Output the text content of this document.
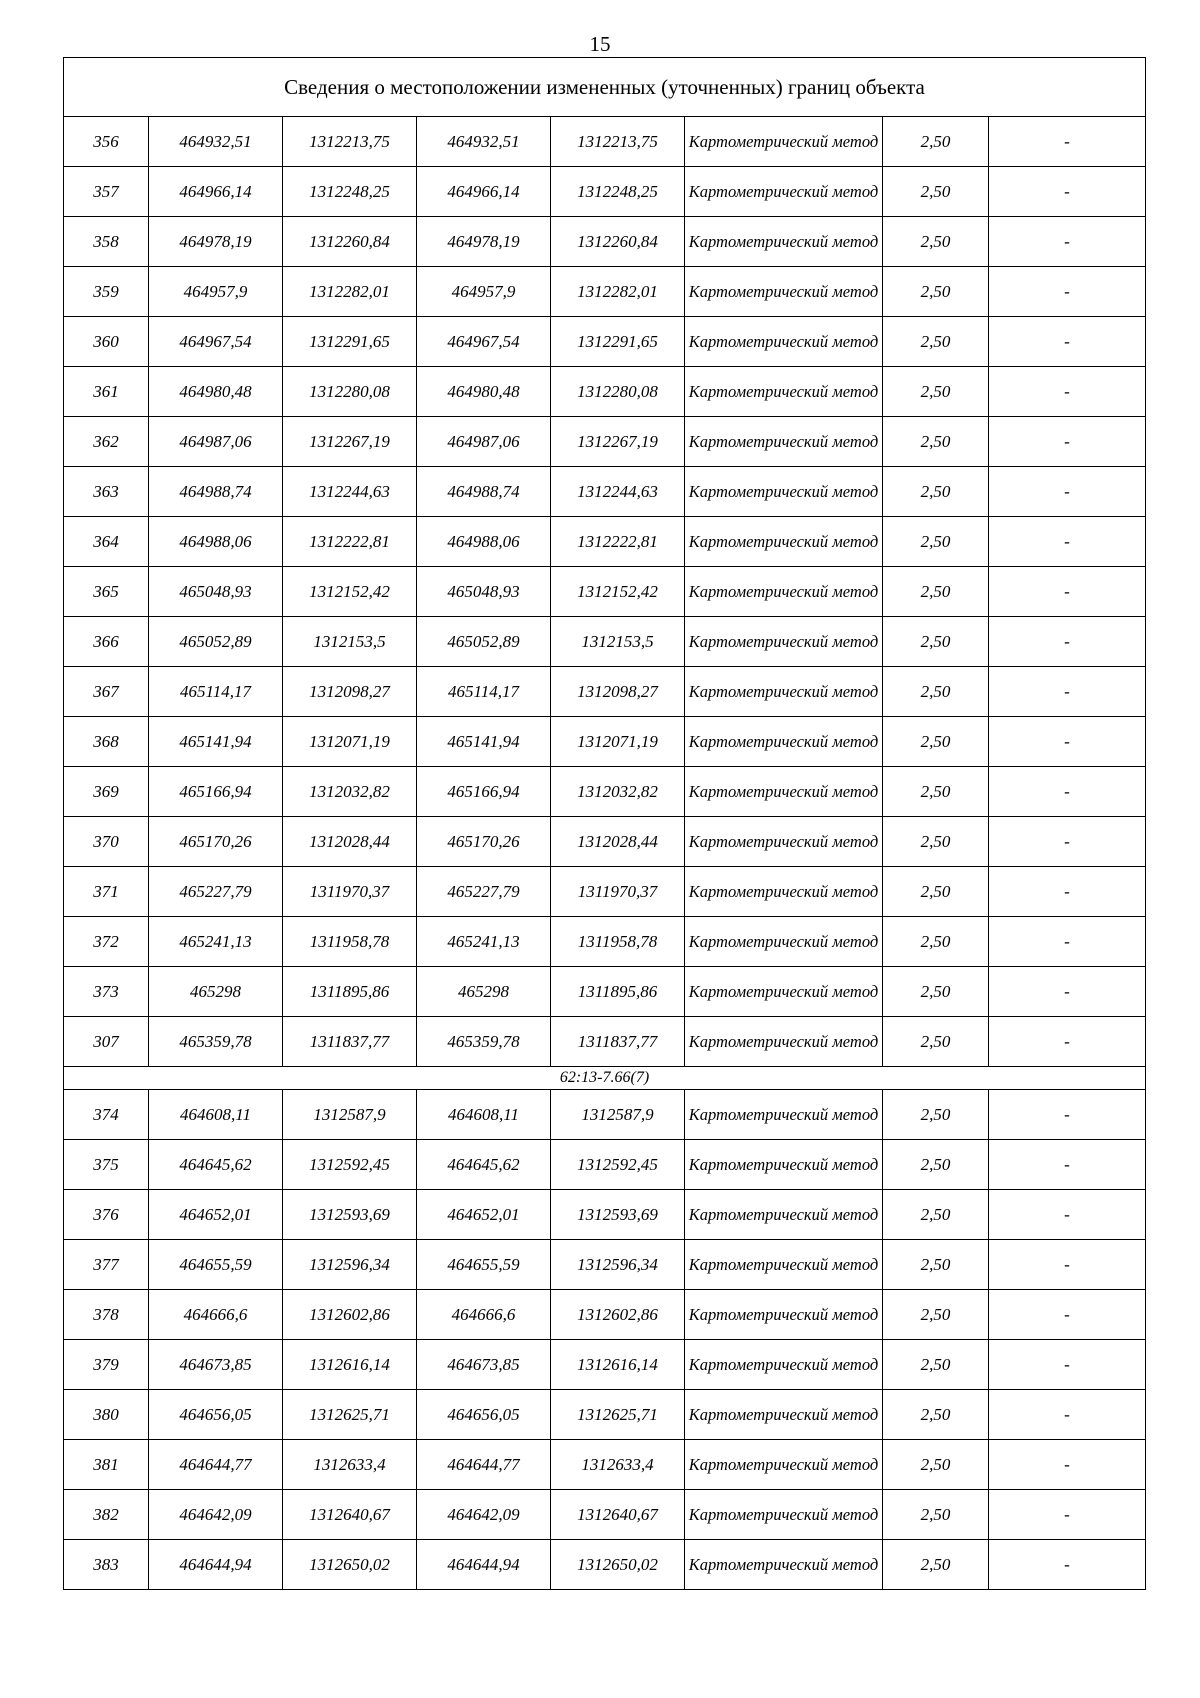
15
Сведения о местоположении измененных (уточненных) границ объекта							
356	464932,51	1312213,75	464932,51	1312213,75	Картометрический метод	2,50	-
357	464966,14	1312248,25	464966,14	1312248,25	Картометрический метод	2,50	-
358	464978,19	1312260,84	464978,19	1312260,84	Картометрический метод	2,50	-
359	464957,9	1312282,01	464957,9	1312282,01	Картометрический метод	2,50	-
360	464967,54	1312291,65	464967,54	1312291,65	Картометрический метод	2,50	-
361	464980,48	1312280,08	464980,48	1312280,08	Картометрический метод	2,50	-
362	464987,06	1312267,19	464987,06	1312267,19	Картометрический метод	2,50	-
363	464988,74	1312244,63	464988,74	1312244,63	Картометрический метод	2,50	-
364	464988,06	1312222,81	464988,06	1312222,81	Картометрический метод	2,50	-
365	465048,93	1312152,42	465048,93	1312152,42	Картометрический метод	2,50	-
366	465052,89	1312153,5	465052,89	1312153,5	Картометрический метод	2,50	-
367	465114,17	1312098,27	465114,17	1312098,27	Картометрический метод	2,50	-
368	465141,94	1312071,19	465141,94	1312071,19	Картометрический метод	2,50	-
369	465166,94	1312032,82	465166,94	1312032,82	Картометрический метод	2,50	-
370	465170,26	1312028,44	465170,26	1312028,44	Картометрический метод	2,50	-
371	465227,79	1311970,37	465227,79	1311970,37	Картометрический метод	2,50	-
372	465241,13	1311958,78	465241,13	1311958,78	Картометрический метод	2,50	-
373	465298	1311895,86	465298	1311895,86	Картометрический метод	2,50	-
307	465359,78	1311837,77	465359,78	1311837,77	Картометрический метод	2,50	-
62:13-7.66(7)							
374	464608,11	1312587,9	464608,11	1312587,9	Картометрический метод	2,50	-
375	464645,62	1312592,45	464645,62	1312592,45	Картометрический метод	2,50	-
376	464652,01	1312593,69	464652,01	1312593,69	Картометрический метод	2,50	-
377	464655,59	1312596,34	464655,59	1312596,34	Картометрический метод	2,50	-
378	464666,6	1312602,86	464666,6	1312602,86	Картометрический метод	2,50	-
379	464673,85	1312616,14	464673,85	1312616,14	Картометрический метод	2,50	-
380	464656,05	1312625,71	464656,05	1312625,71	Картометрический метод	2,50	-
381	464644,77	1312633,4	464644,77	1312633,4	Картометрический метод	2,50	-
382	464642,09	1312640,67	464642,09	1312640,67	Картометрический метод	2,50	-
383	464644,94	1312650,02	464644,94	1312650,02	Картометрический метод	2,50	-
